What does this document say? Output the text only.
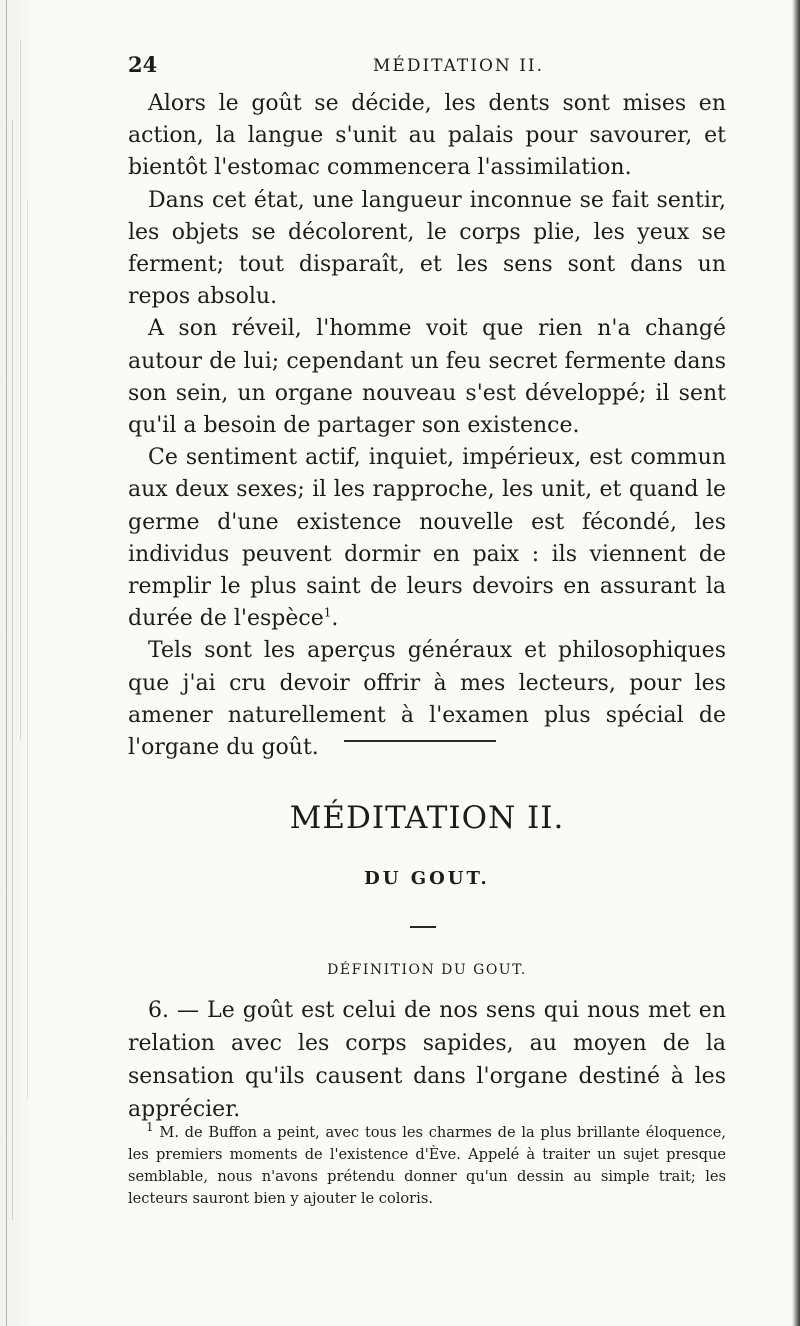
24	MÉDITATION II.

Alors le goût se décide, les dents sont mises en action, la langue s'unit au palais pour savourer, et bientôt l'estomac commencera l'assimilation.

Dans cet état, une langueur inconnue se fait sentir, les objets se décolorent, le corps plie, les yeux se ferment; tout disparaît, et les sens sont dans un repos absolu.

A son réveil, l'homme voit que rien n'a changé autour de lui; cependant un feu secret fermente dans son sein, un organe nouveau s'est développé; il sent qu'il a besoin de partager son existence.

Ce sentiment actif, inquiet, impérieux, est commun aux deux sexes; il les rapproche, les unit, et quand le germe d'une existence nouvelle est fécondé, les individus peuvent dormir en paix : ils viennent de remplir le plus saint de leurs devoirs en assurant la durée de l'espèce$^1$.

Tels sont les aperçus généraux et philosophiques que j'ai cru devoir offrir à mes lecteurs, pour les amener naturellement à l'examen plus spécial de l'organe du goût.

MÉDITATION II.
DU GOUT.
DÉFINITION DU GOUT.

6. — Le goût est celui de nos sens qui nous met en relation avec les corps sapides, au moyen de la sensation qu'ils causent dans l'organe destiné à les apprécier.

$^1$ M. de Buffon a peint, avec tous les charmes de la plus brillante éloquence, les premiers moments de l'existence d'Ève. Appelé à traiter un sujet presque semblable, nous n'avons prétendu donner qu'un dessin au simple trait; les lecteurs sauront bien y ajouter le coloris.
